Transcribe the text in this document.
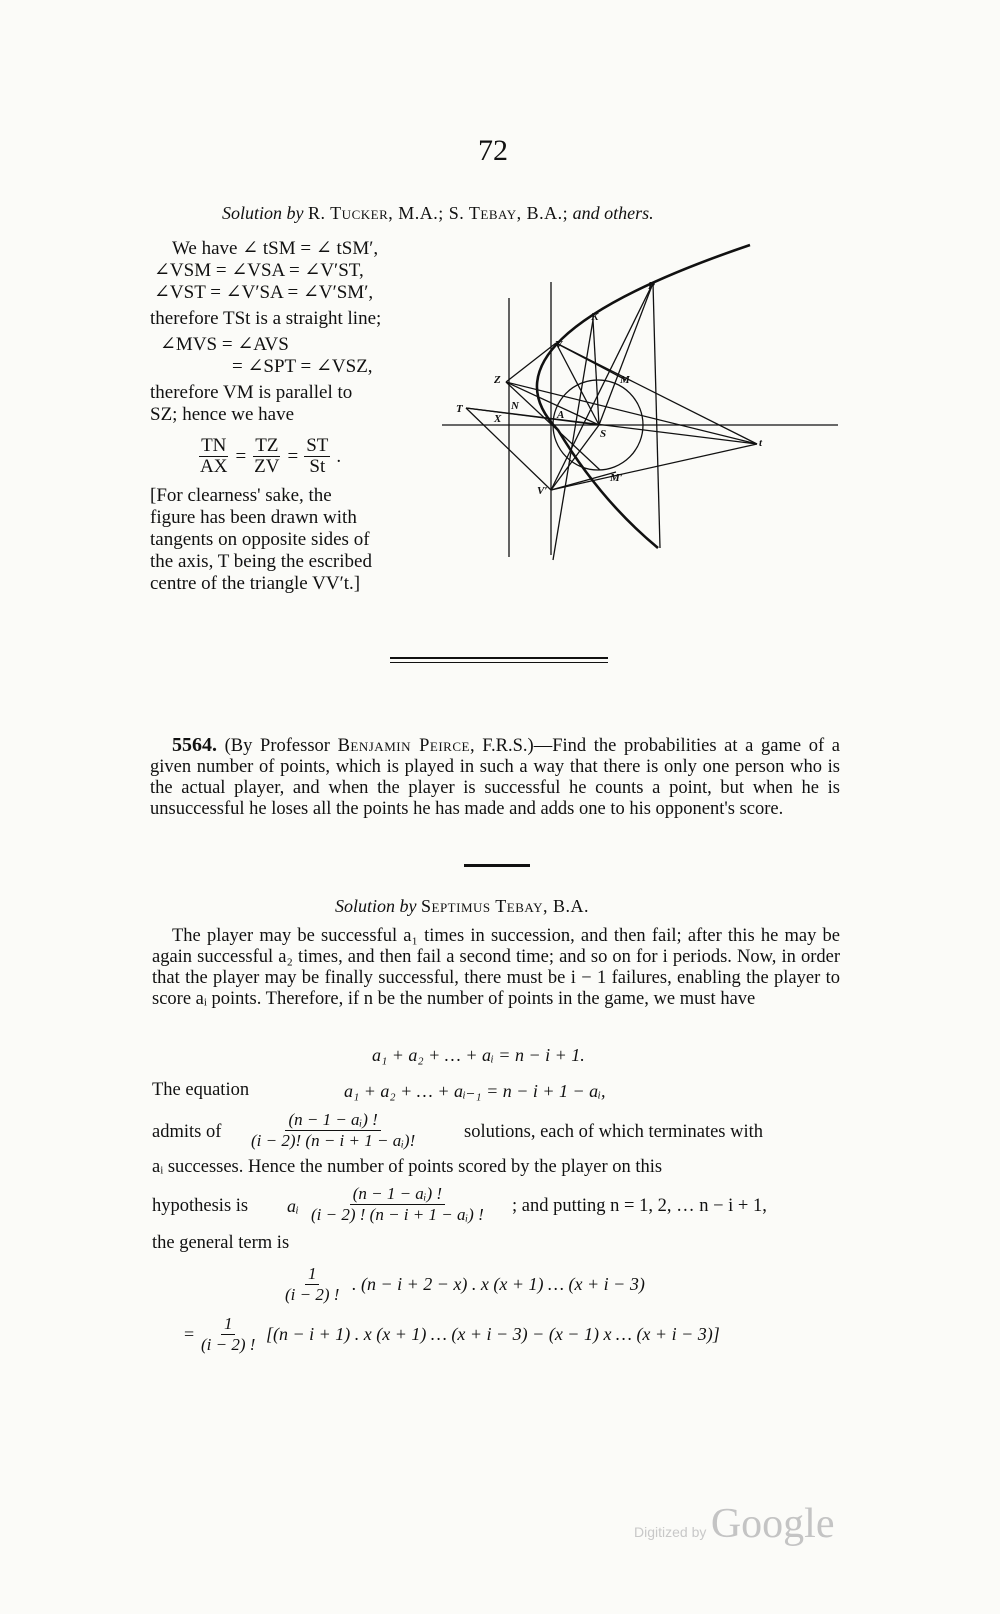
72
Solution by R. Tucker, M.A.; S. Tebay, B.A.; and others.
We have ∠ tSM = ∠ tSM′,
∠VSM = ∠VSA = ∠V′ST,
∠VST = ∠V′SA = ∠V′SM′,
therefore TSt is a straight line;
∠MVS = ∠AVS
= ∠SPT = ∠VSZ,
therefore VM is parallel to
SZ; hence we have
$\frac{TN}{AX} = \frac{TZ}{ZV} = \frac{ST}{St}$ .
[For clearness' sake, the
figure has been drawn with
tangents on opposite sides of
the axis, T being the escribed
centre of the triangle VV′t.]
P
K
V
M
Z
T	N
X	A
S
t
V′
M′
5564. (By Professor Benjamin Peirce, F.R.S.)—Find the probabilities at a game of a given number of points, which is played in such a way that there is only one person who is the actual player, and when the player is successful he counts a point, but when he is unsuccessful he loses all the points he has made and adds one to his opponent's score.
Solution by Septimus Tebay, B.A.
The player may be successful a₁ times in succession, and then fail; after this he may be again successful a₂ times, and then fail a second time; and so on for i periods. Now, in order that the player may be finally successful, there must be i − 1 failures, enabling the player to score aᵢ points. Therefore, if n be the number of points in the game, we must have
a₁ + a₂ + … + aᵢ = n − i + 1.
The equation	a₁ + a₂ + … + aᵢ₋₁ = n − i + 1 − aᵢ,
admits of $\frac{\text{(n − 1 − aᵢ) !}}{\text{(i − 2)! (n − i + 1 − aᵢ)!}}$ solutions, each of which terminates with
aᵢ successes. Hence the number of points scored by the player on this
hypothesis is aᵢ $\frac{\text{(n − 1 − aᵢ) !}}{\text{(i − 2) ! (n − i + 1 − aᵢ) !}}$ ; and putting n = 1, 2, … n − i + 1,
the general term is
$\frac{1}{(i - 2) !}$ . (n − i + 2 − x) . x (x + 1) … (x + i − 3)
= $\frac{1}{(i - 2) !} [(n - i + 1)$ . x (x + 1) … (x + i − 3) − (x − 1) x … (x + i − 3)]
Digitized by Google
